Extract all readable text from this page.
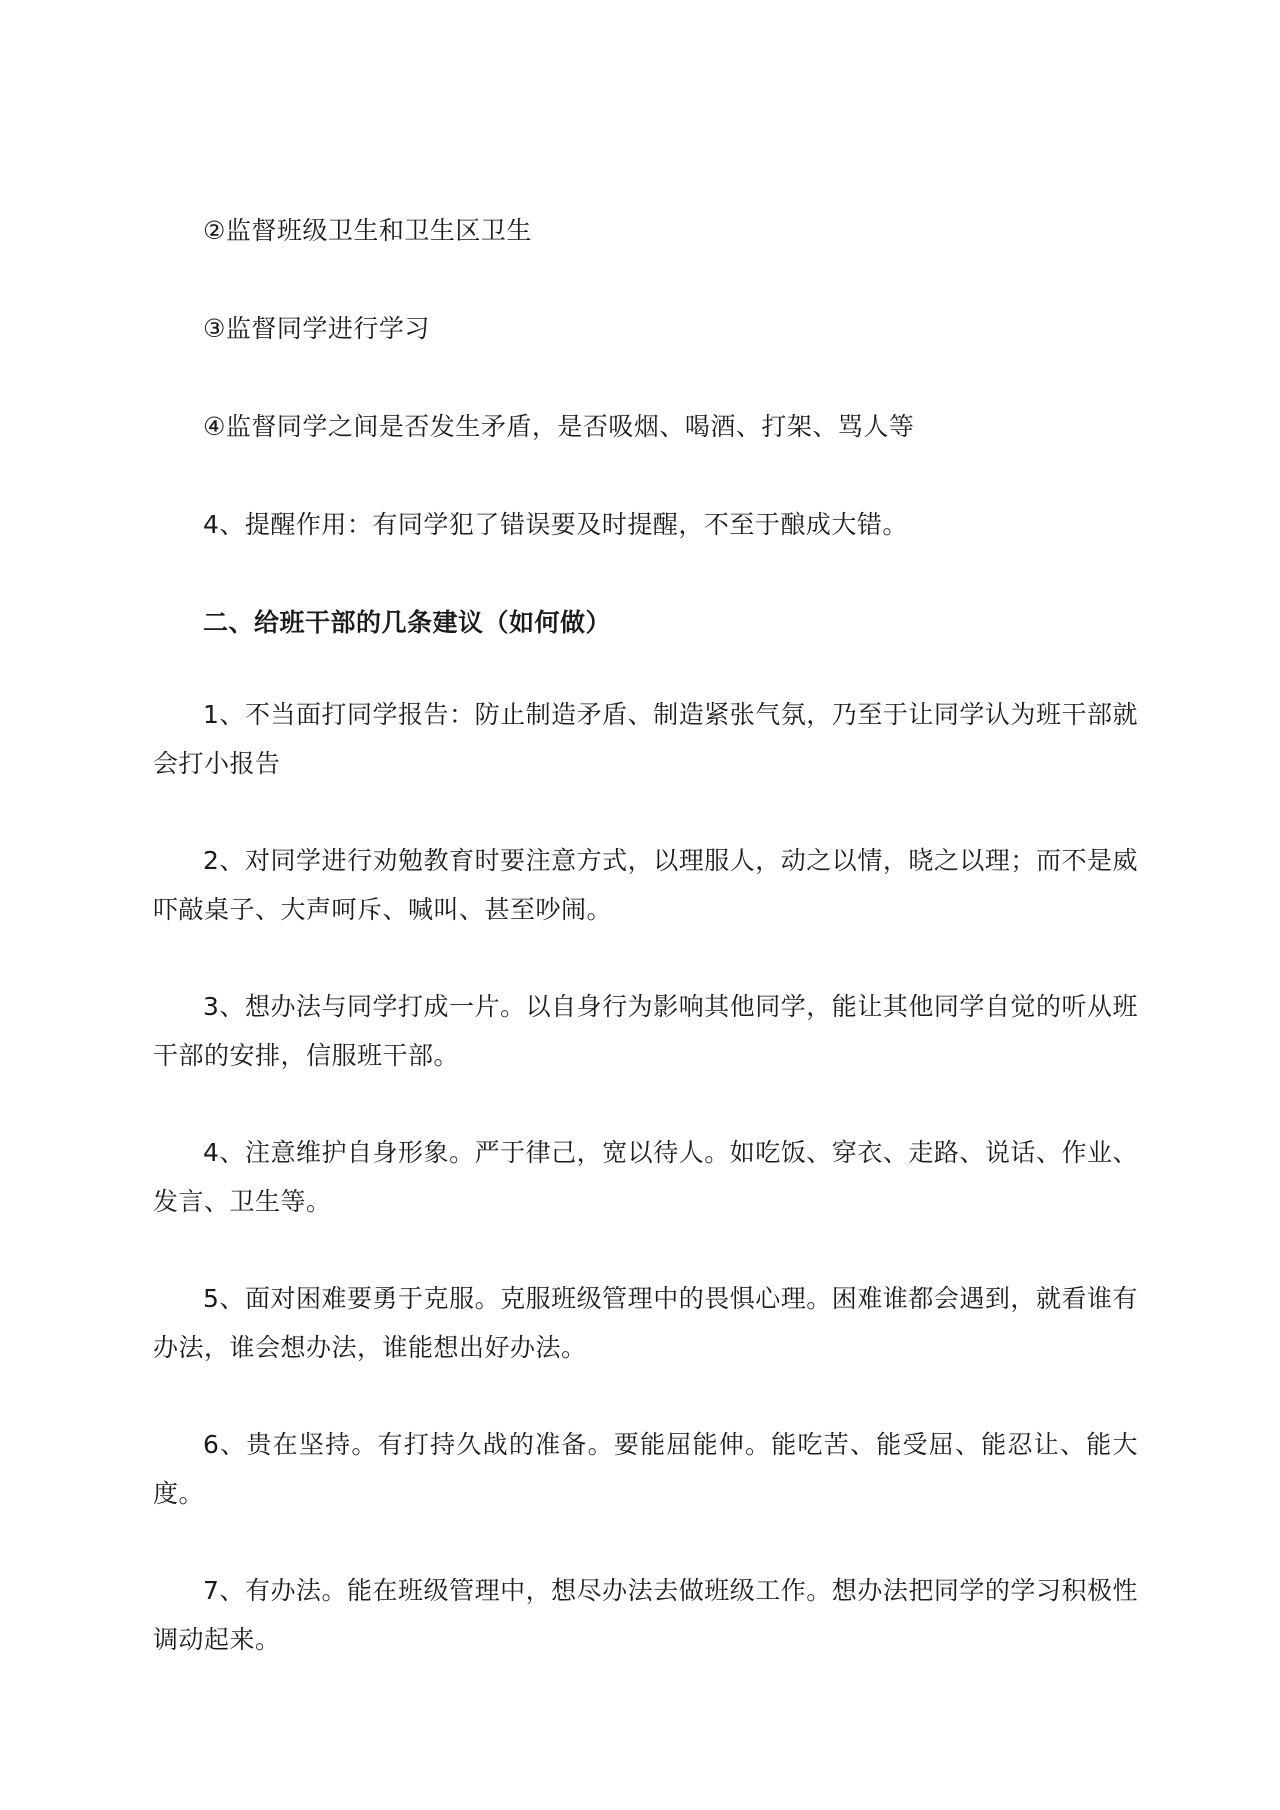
②监督班级卫生和卫生区卫生

③监督同学进行学习

④监督同学之间是否发生矛盾，是否吸烟、喝酒、打架、骂人等

4、提醒作用：有同学犯了错误要及时提醒，不至于酿成大错。

二、给班干部的几条建议（如何做）

1、不当面打同学报告：防止制造矛盾、制造紧张气氛，乃至于让同学认为班干部就会打小报告

2、对同学进行劝勉教育时要注意方式，以理服人，动之以情，晓之以理；而不是威吓敲桌子、大声呵斥、喊叫、甚至吵闹。

3、想办法与同学打成一片。以自身行为影响其他同学，能让其他同学自觉的听从班干部的安排，信服班干部。

4、注意维护自身形象。严于律己，宽以待人。如吃饭、穿衣、走路、说话、作业、发言、卫生等。

5、面对困难要勇于克服。克服班级管理中的畏惧心理。困难谁都会遇到，就看谁有办法，谁会想办法，谁能想出好办法。

6、贵在坚持。有打持久战的准备。要能屈能伸。能吃苦、能受屈、能忍让、能大度。

7、有办法。能在班级管理中，想尽办法去做班级工作。想办法把同学的学习积极性调动起来。
